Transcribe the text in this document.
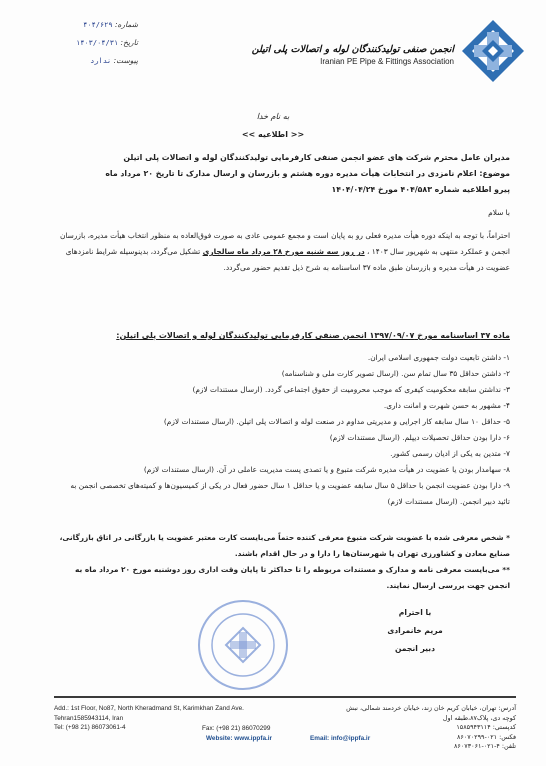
شماره: ۴۰۴/۶۲۹
تاریخ: ۱۴۰۳/۰۴/۳۱
پیوست: ندارد
انجمن صنفی تولیدکنندگان لوله و اتصالات پلی اتیلن
Iranian PE Pipe & Fittings Association
به نام خدا
<< اطلاعیه >>
مدیران عامل محترم شرکت های عضو انجمن صنفی کارفرمایی تولیدکنندگان لوله و اتصالات پلی اتیلن
موضوع: اعلام نامزدی در انتخابات هیأت مدیره دوره هشتم و بازرسان و ارسال مدارک تا تاریخ ۲۰ مرداد ماه
پیرو اطلاعیه شماره ۴۰۴/۵۸۳ مورخ ۱۴۰۴/۰۴/۲۴
با سلام
احتراماً، با توجه به اینکه دوره هیأت مدیره فعلی رو به پایان است و مجمع عمومی عادی به صورت فوق‌العاده به منظور انتخاب هیأت مدیره، بازرسان انجمن و عملکرد منتهی به شهریور سال ۱۴۰۳ ، در روز سه شنبه مورخ ۲۸ مرداد ماه سالجاری تشکیل می‌گردد، بدینوسیله شرایط نامزدهای عضویت در هیأت مدیره و بازرسان طبق ماده ۳۷ اساسنامه به شرح ذیل تقدیم حضور می‌گردد.
ماده ۳۷ اساسنامه مورخ ۱۳۹۷/۰۹/۰۷ انجمن صنفی کارفرمایی تولیدکنندگان لوله و اتصالات پلی اتیلن:
۱- داشتن تابعیت دولت جمهوری اسلامی ایران.
۲- داشتن حداقل ۳۵ سال تمام سن. (ارسال تصویر کارت ملی و شناسنامه)
۳- نداشتن سابقه محکومیت کیفری که موجب محرومیت از حقوق اجتماعی گردد. (ارسال مستندات لازم)
۴- مشهور به حسن شهرت و امانت داری.
۵- حداقل ۱۰ سال سابقه کار اجرایی و مدیریتی مداوم در صنعت لوله و اتصالات پلی اتیلن. (ارسال مستندات لازم)
۶- دارا بودن حداقل تحصیلات دیپلم. (ارسال مستندات لازم)
۷- متدین به یکی از ادیان رسمی کشور.
۸- سهامدار بودن یا عضویت در هیأت مدیره شرکت متبوع و یا تصدی پست مدیریت عاملی در آن. (ارسال مستندات لازم)
۹- دارا بودن عضویت انجمن با حداقل ۵ سال سابقه عضویت و یا حداقل ۱ سال حضور فعال در یکی از کمیسیون‌ها و کمیته‌های تخصصی انجمن به تائید دبیر انجمن. (ارسال مستندات لازم)
* شخص معرفی شده با عضویت شرکت متبوع معرفی کننده حتماً می‌بایست کارت معتبر عضویت یا بازرگانی در اتاق بازرگانی، صنایع معادن و کشاورزی تهران یا شهرستان‌ها را دارا و در حال اقدام باشند.
** می‌بایست معرفی نامه و مدارک و مستندات مربوطه را تا حداکثر تا پایان وقت اداری روز دوشنبه مورخ ۲۰ مرداد ماه به انجمن جهت بررسی ارسال نمایند.
با احترام
مریم خانمرادی
دبیر انجمن
Add.: 1st Floor, No87, North Kheradmand St, Karimkhan Zand Ave.
Tehran1585943114, Iran
Tel: (+98 21) 86073061-4	Fax: (+98 21) 86070299
Website: www.ippfa.ir	Email: info@ippfa.ir
آدرس: تهران، خیابان کریم خان زند، خیابان خردمند شمالی، نبش کوچه دی، پلاک۸۷،طبقه اول
کدپستی: ۱۵۸۵۹۴۳۱۱۴
فکس: ۰۲۱-۸۶۰۷۰۲۹۹
تلفن: ۴-۰۲۱-۸۶۰۷۳۰۶۱
